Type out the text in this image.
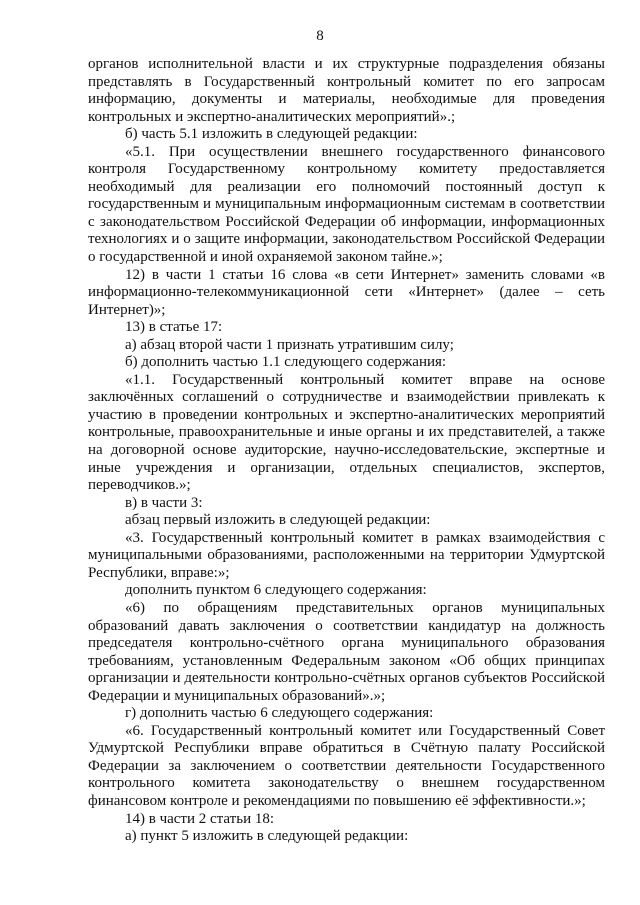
8

органов исполнительной власти и их структурные подразделения обязаны представлять в Государственный контрольный комитет по его запросам информацию, документы и материалы, необходимые для проведения контрольных и экспертно-аналитических мероприятий».;

б) часть 5.1 изложить в следующей редакции:

«5.1. При осуществлении внешнего государственного финансового контроля Государственному контрольному комитету предоставляется необходимый для реализации его полномочий постоянный доступ к государственным и муниципальным информационным системам в соответствии с законодательством Российской Федерации об информации, информационных технологиях и о защите информации, законодательством Российской Федерации о государственной и иной охраняемой законом тайне.»;

12) в части 1 статьи 16 слова «в сети Интернет» заменить словами «в информационно-телекоммуникационной сети «Интернет» (далее – сеть Интернет)»;

13) в статье 17:

а) абзац второй части 1 признать утратившим силу;

б) дополнить частью 1.1 следующего содержания:

«1.1. Государственный контрольный комитет вправе на основе заключённых соглашений о сотрудничестве и взаимодействии привлекать к участию в проведении контрольных и экспертно-аналитических мероприятий контрольные, правоохранительные и иные органы и их представителей, а также на договорной основе аудиторские, научно-исследовательские, экспертные и иные учреждения и организации, отдельных специалистов, экспертов, переводчиков.»;

в) в части 3:

абзац первый изложить в следующей редакции:

«3. Государственный контрольный комитет в рамках взаимодействия с муниципальными образованиями, расположенными на территории Удмуртской Республики, вправе:»;

дополнить пунктом 6 следующего содержания:

«6) по обращениям представительных органов муниципальных образований давать заключения о соответствии кандидатур на должность председателя контрольно-счётного органа муниципального образования требованиям, установленным Федеральным законом «Об общих принципах организации и деятельности контрольно-счётных органов субъектов Российской Федерации и муниципальных образований».»;

г) дополнить частью 6 следующего содержания:

«6. Государственный контрольный комитет или Государственный Совет Удмуртской Республики вправе обратиться в Счётную палату Российской Федерации за заключением о соответствии деятельности Государственного контрольного комитета законодательству о внешнем государственном финансовом контроле и рекомендациями по повышению её эффективности.»;

14) в части 2 статьи 18:

а) пункт 5 изложить в следующей редакции:
